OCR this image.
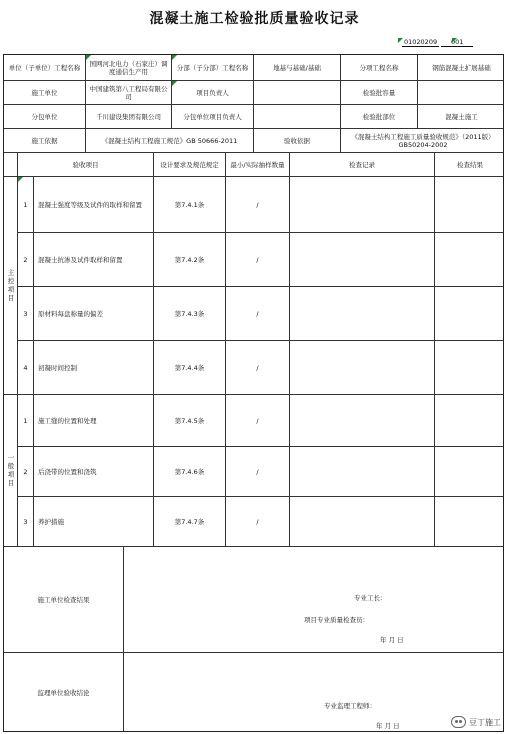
混凝土施工检验批质量验收记录
01020209 001
单位（子单位）工程名称	国网河北电力（石家庄）调度通信生产用	分部（子分部）工程名称	地基与基础/基础	分项工程名称	钢筋混凝土扩展基础
施工单位	中国建筑第八工程局有限公司	项目负责人	检验批容量
分包单位	千川建设集团有限公司	分包单位项目负责人	检验批部位	混凝土施工
施工依据	《混凝土结构工程施工规范》GB 50666-2011	验收依据	《混凝土结构工程施工质量验收规范》（2011版）GB50204-2002
验收项目	设计要求及规范规定	最小/实际抽样数量	检查记录	检查结果
主控项目
1	混凝土强度等级及试件的取样和留置	第7.4.1条	/
2	混凝土抗渗及试件取样和留置	第7.4.2条	/
3	原材料每盘称量的偏差	第7.4.3条	/
4	初凝时间控制	第7.4.4条	/
一般项目
1	施工缝的位置和处理	第7.4.5条	/
2	后浇带的位置和浇筑	第7.4.6条	/
3	养护措施	第7.4.7条	/
施工单位检查结果	专业工长：
项目专业质量检查员：
年 月 日
监理单位验收结论
专业监理工程师：
年 月 日	豆丁施工
